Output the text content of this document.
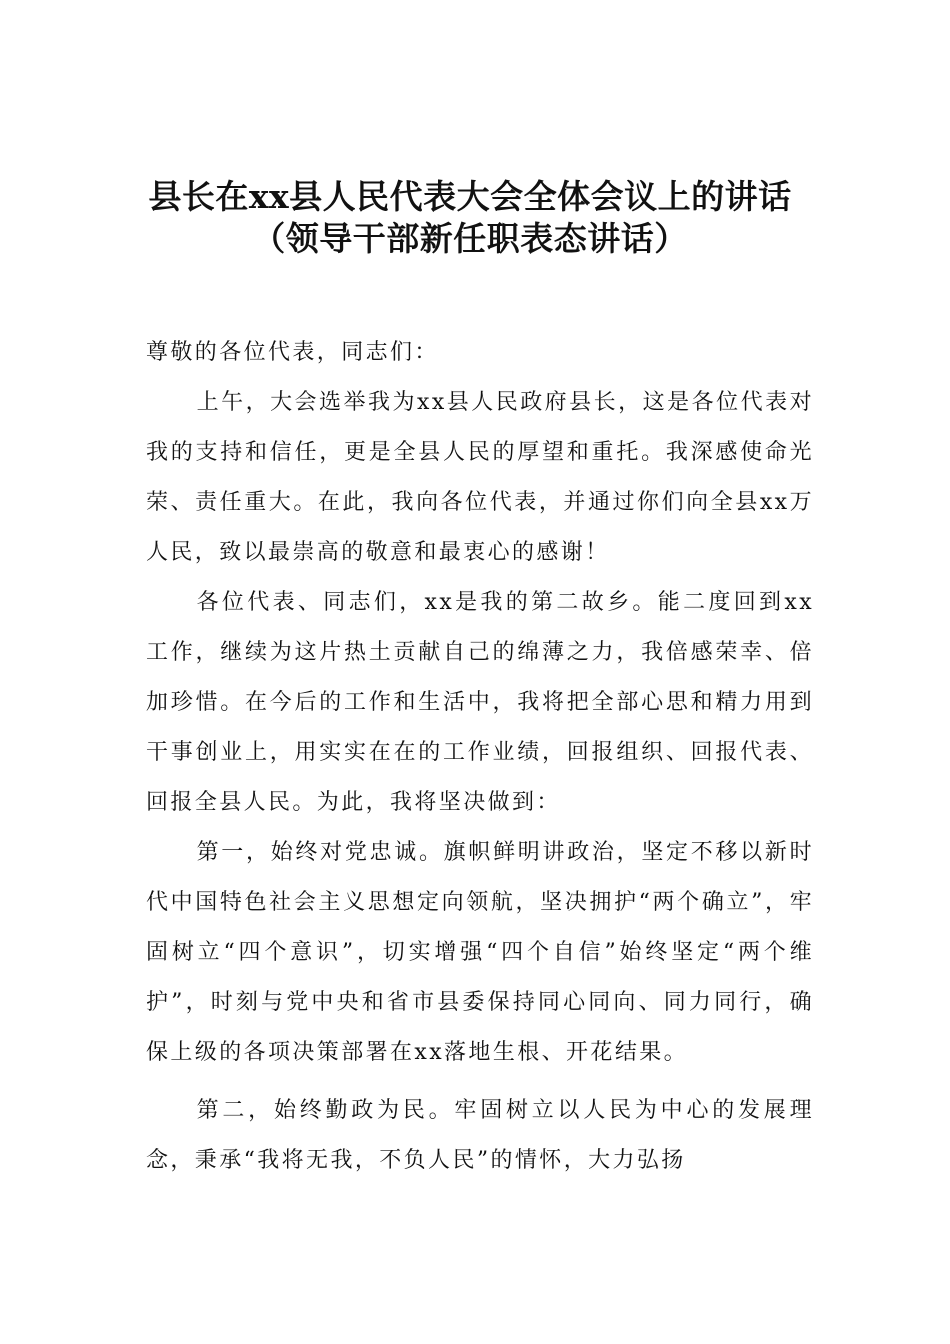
县长在xx县人民代表大会全体会议上的讲话（领导干部新任职表态讲话）

尊敬的各位代表，同志们：

上午，大会选举我为xx县人民政府县长，这是各位代表对我的支持和信任，更是全县人民的厚望和重托。我深感使命光荣、责任重大。在此，我向各位代表，并通过你们向全县xx万人民，致以最崇高的敬意和最衷心的感谢！

各位代表、同志们，xx是我的第二故乡。能二度回到xx工作，继续为这片热土贡献自己的绵薄之力，我倍感荣幸、倍加珍惜。在今后的工作和生活中，我将把全部心思和精力用到干事创业上，用实实在在的工作业绩，回报组织、回报代表、回报全县人民。为此，我将坚决做到：

第一，始终对党忠诚。旗帜鲜明讲政治，坚定不移以新时代中国特色社会主义思想定向领航，坚决拥护“两个确立”，牢固树立“四个意识”，切实增强“四个自信”始终坚定“两个维护”，时刻与党中央和省市县委保持同心同向、同力同行，确保上级的各项决策部署在xx落地生根、开花结果。

第二，始终勤政为民。牢固树立以人民为中心的发展理念，秉承“我将无我，不负人民”的情怀，大力弘扬
